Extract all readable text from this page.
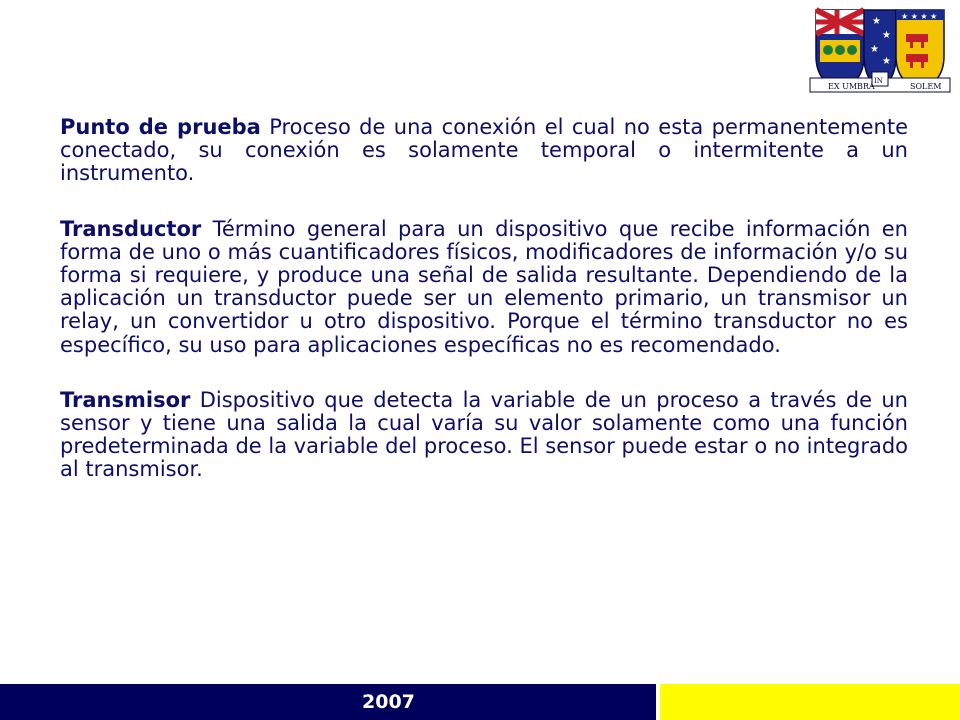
★
★
★
★
★ ★ ★ ★
EX UMBRA
IN
SOLEM

Punto de prueba Proceso de una conexión el cual no esta permanentemente conectado, su conexión es solamente temporal o intermitente a un instrumento.

Transductor Término general para un dispositivo que recibe información en forma de uno o más cuantificadores físicos, modificadores de información y/o su forma si requiere, y produce una señal de salida resultante. Dependiendo de la aplicación un transductor puede ser un elemento primario, un transmisor un relay, un convertidor u otro dispositivo. Porque el término transductor no es específico, su uso para aplicaciones específicas no es recomendado.

Transmisor Dispositivo que detecta la variable de un proceso a través de un sensor y tiene una salida la cual varía su valor solamente como una función predeterminada de la variable del proceso. El sensor puede estar o no integrado al transmisor.

2007
